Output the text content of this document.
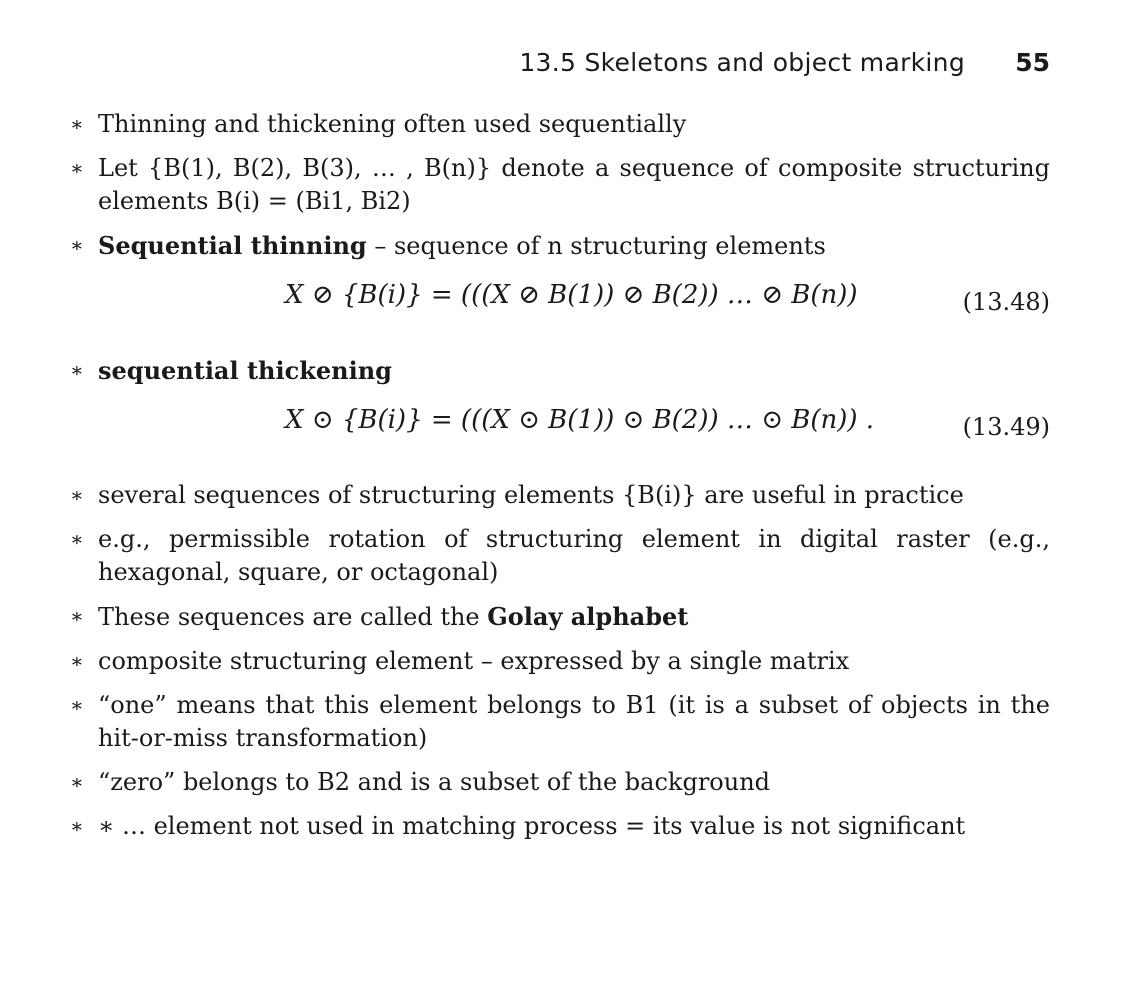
13.5 Skeletons and object marking 55
∗ Thinning and thickening often used sequentially
∗ Let {B(1), B(2), B(3), … , B(n)} denote a sequence of composite structuring elements B(i) = (Bi1, Bi2)
∗ Sequential thinning – sequence of n structuring elements
X ⊘ {B(i)} = (((X ⊘ B(1)) ⊘ B(2)) … ⊘ B(n))	(13.48)
∗ sequential thickening
X ⊙ {B(i)} = (((X ⊙ B(1)) ⊙ B(2)) … ⊙ B(n)) .	(13.49)
∗ several sequences of structuring elements {B(i)} are useful in practice
∗ e.g., permissible rotation of structuring element in digital raster (e.g., hexagonal, square, or octagonal)
∗ These sequences are called the Golay alphabet
∗ composite structuring element – expressed by a single matrix
∗ “one” means that this element belongs to B1 (it is a subset of objects in the hit-or-miss transformation)
∗ “zero” belongs to B2 and is a subset of the background
∗ ∗ … element not used in matching process = its value is not significant
